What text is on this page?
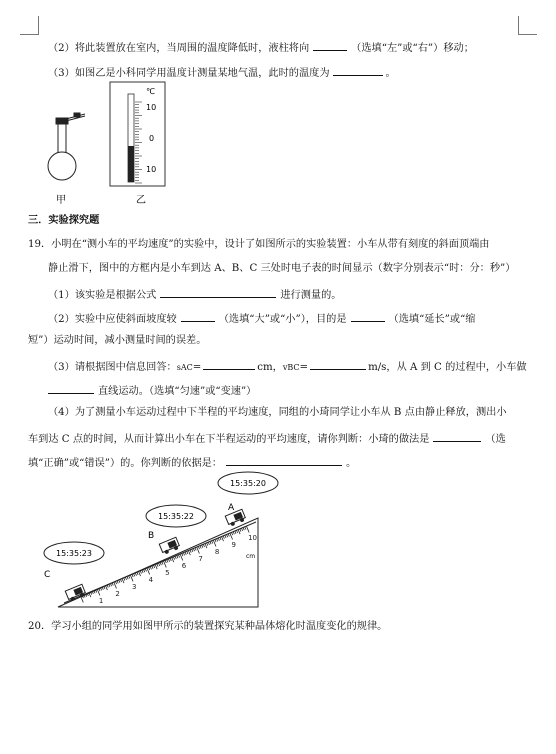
（2）将此装置放在室内，当周围的温度降低时，液柱将向	（选填“左”或“右”）移动；
（3）如图乙是小科同学用温度计测量某地气温，此时的温度为	。
甲
℃
10
0
10
乙
三．实验探究题
19．小明在“测小车的平均速度”的实验中，设计了如图所示的实验装置：小车从带有刻度的斜面顶端由
静止滑下，图中的方框内是小车到达 A、B、C 三处时电子表的时间显示（数字分别表示“时：分：秒”）
（1）该实验是根据公式	进行测量的。
（2）实验中应使斜面坡度较	（选填“大”或“小”），目的是	（选填“延长”或“缩
短”）运动时间，减小测量时间的误差。
（3）请根据图中信息回答：sAC=	cm，vBC=	m/s，从 A 到 C 的过程中，小车做
直线运动。（选填“匀速”或“变速”）
（4）为了测量小车运动过程中下半程的平均速度，同组的小琦同学让小车从 B 点由静止释放，测出小
车到达 C 点的时间，从而计算出小车在下半程运动的平均速度，请你判断：小琦的做法是	（选
填“正确”或“错误”）的。你判断的依据是：	。
1
2
3
4
5
6
7
8
9
10
cm
15:35:20
15:35:22
15:35:23
A
B
C
20．学习小组的同学用如图甲所示的装置探究某种晶体熔化时温度变化的规律。
